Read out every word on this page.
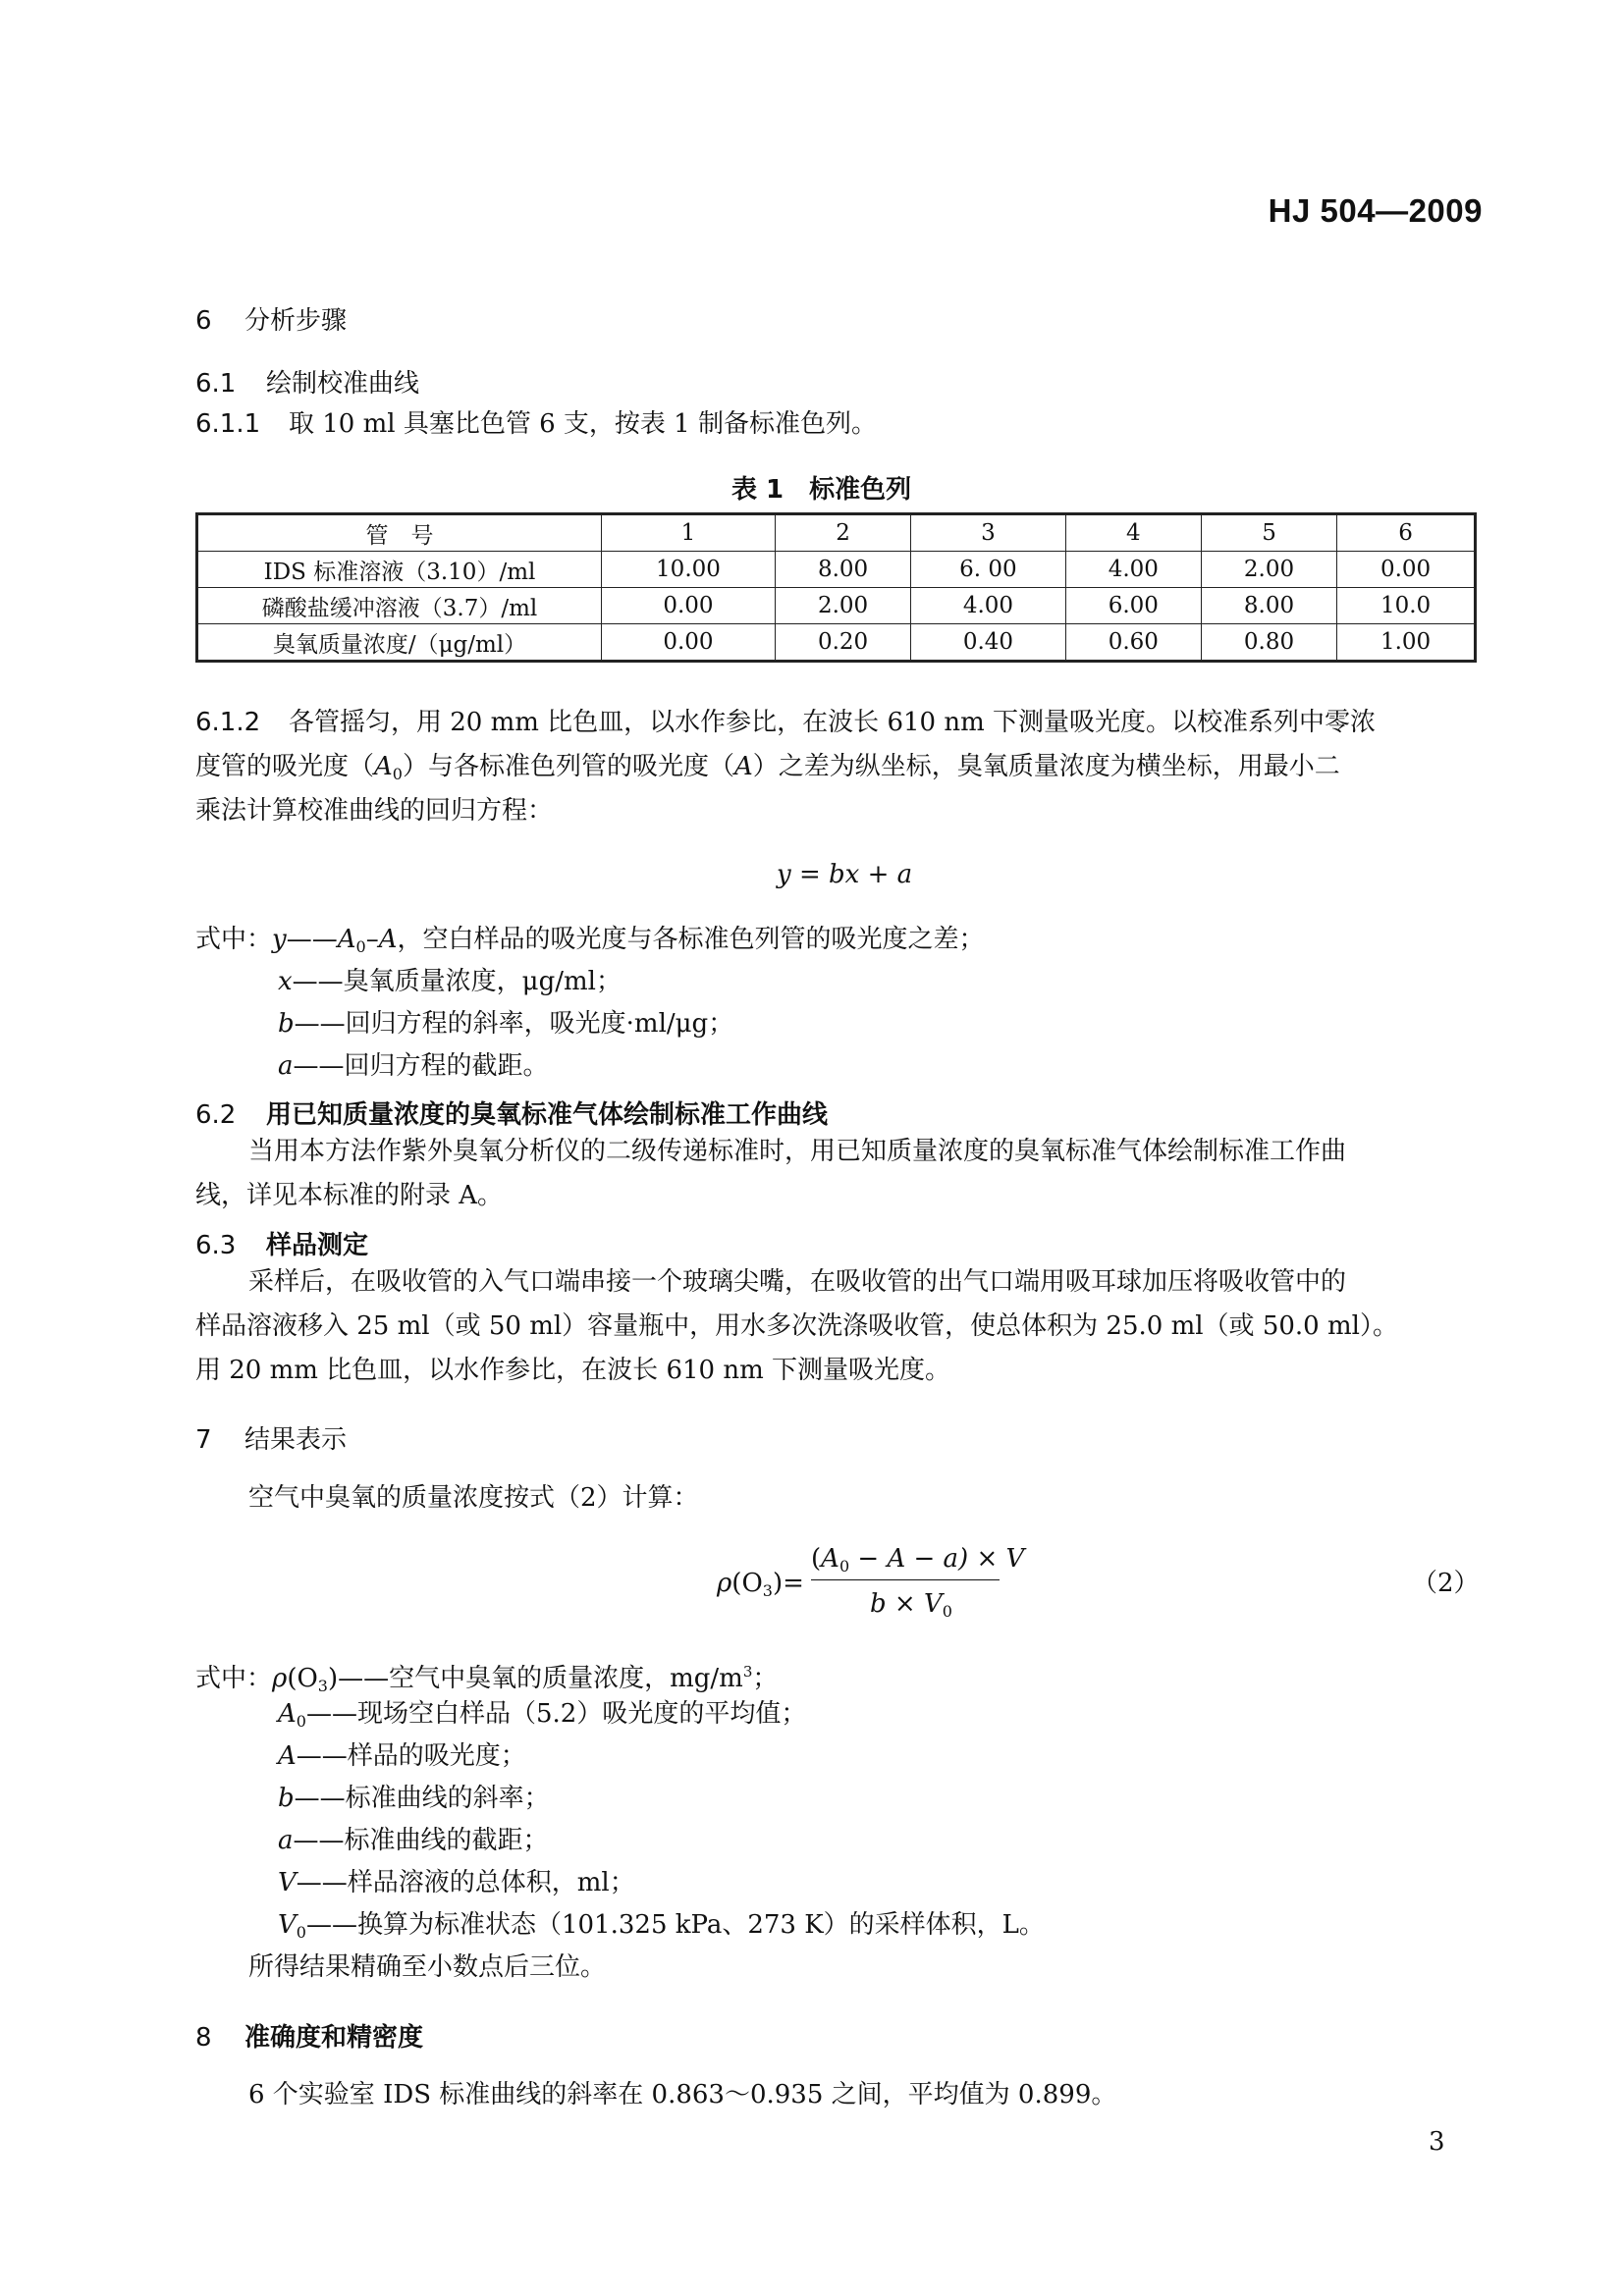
HJ 504—2009
6 分析步骤
6.1 绘制校准曲线
6.1.1 取 10 ml 具塞比色管 6 支，按表 1 制备标准色列。
表 1　标准色列
管　号	1	2	3	4	5	6
IDS 标准溶液（3.10）/ml	10.00	8.00	6. 00	4.00	2.00	0.00
磷酸盐缓冲溶液（3.7）/ml	0.00	2.00	4.00	6.00	8.00	10.0
臭氧质量浓度/（μg/ml）	0.00	0.20	0.40	0.60	0.80	1.00
6.1.2 各管摇匀，用 20 mm 比色皿，以水作参比，在波长 610 nm 下测量吸光度。以校准系列中零浓
度管的吸光度$(A_0)$与各标准色列管的吸光度（A）之差为纵坐标，臭氧质量浓度为横坐标，用最小二
乘法计算校准曲线的回归方程：
y = bx + a
式中：$y——A_0-A$，空白样品的吸光度与各标准色列管的吸光度之差；
x——臭氧质量浓度，μg/ml；
b——回归方程的斜率，吸光度·ml/μg；
a——回归方程的截距。
6.2 用已知质量浓度的臭氧标准气体绘制标准工作曲线
当用本方法作紫外臭氧分析仪的二级传递标准时，用已知质量浓度的臭氧标准气体绘制标准工作曲
线，详见本标准的附录 A。
6.3 样品测定
采样后，在吸收管的入气口端串接一个玻璃尖嘴，在吸收管的出气口端用吸耳球加压将吸收管中的
样品溶液移入 25 ml（或 50 ml）容量瓶中，用水多次洗涤吸收管，使总体积为 25.0 ml（或 50.0 ml）。
用 20 mm 比色皿，以水作参比，在波长 610 nm 下测量吸光度。
7 结果表示
空气中臭氧的质量浓度按式（2）计算：
$\rho(O_3)=$
$(A_0 - A - a) \times V$
$b \times V_0$
（2）
式中：$\rho(O_3)——$空气中臭氧的质量浓度，$mg/m^3$；
$A_0——$现场空白样品（5.2）吸光度的平均值；
A——样品的吸光度；
b——标准曲线的斜率；
a——标准曲线的截距；
V——样品溶液的总体积，ml；
$V_0——$换算为标准状态（101.325 kPa、273 K）的采样体积，L。
所得结果精确至小数点后三位。
8 准确度和精密度
6 个实验室 IDS 标准曲线的斜率在 0.863～0.935 之间，平均值为 0.899。
3
